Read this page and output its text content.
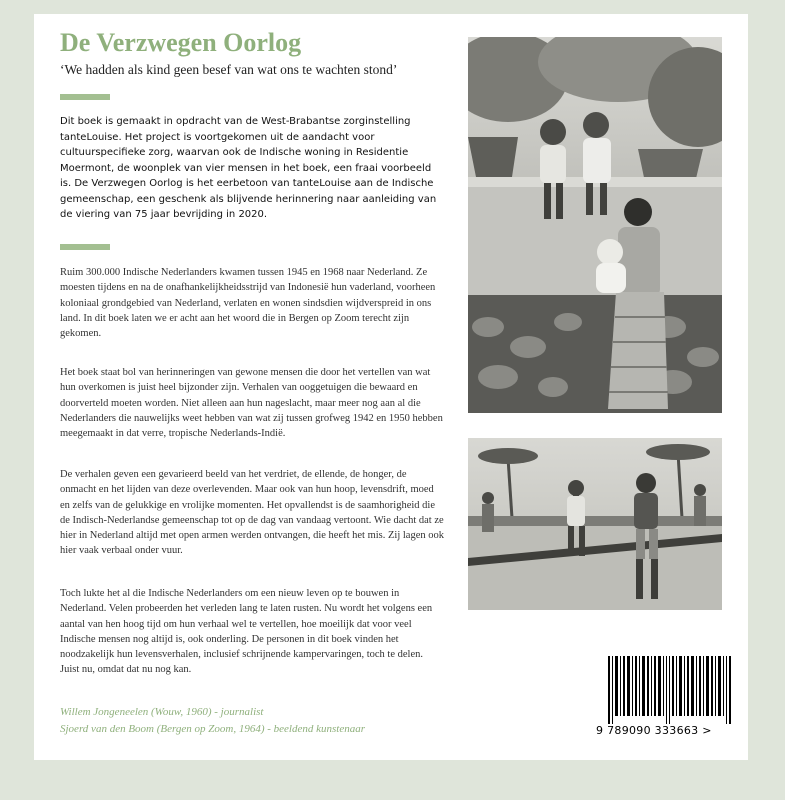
De Verzwegen Oorlog
‘We hadden als kind geen besef van wat ons te wachten stond’
Dit boek is gemaakt in opdracht van de West-Brabantse zorginstelling tanteLouise. Het project is voortgekomen uit de aandacht voor cultuurspecifieke zorg, waarvan ook de Indische woning in Residentie Moermont, de woonplek van vier mensen in het boek, een fraai voorbeeld is. De Verzwegen Oorlog is het eerbetoon van tanteLouise aan de Indische gemeenschap, een geschenk als blijvende herinnering naar aanleiding van de viering van 75 jaar bevrijding in 2020.
Ruim 300.000 Indische Nederlanders kwamen tussen 1945 en 1968 naar Nederland. Ze moesten tijdens en na de onafhankelijkheidsstrijd van Indonesië hun vaderland, voorheen koloniaal grondgebied van Nederland, verlaten en wonen sindsdien wijdverspreid in ons land. In dit boek laten we er acht aan het woord die in Bergen op Zoom terecht zijn gekomen.
Het boek staat bol van herinneringen van gewone mensen die door het vertellen van wat hun overkomen is juist heel bijzonder zijn. Verhalen van ooggetuigen die bewaard en doorverteld moeten worden. Niet alleen aan hun nageslacht, maar meer nog aan al die Nederlanders die nauwelijks weet hebben van wat zij tussen grofweg 1942 en 1950 hebben meegemaakt in dat verre, tropische Nederlands-Indië.
De verhalen geven een gevarieerd beeld van het verdriet, de ellende, de honger, de onmacht en het lijden van deze overlevenden. Maar ook van hun hoop, levensdrift, moed en zelfs van de gelukkige en vrolijke momenten. Het opvallendst is de saamhorigheid die de Indisch-Nederlandse gemeenschap tot op de dag van vandaag vertoont. Wie dacht dat ze hier in Nederland altijd met open armen werden ontvangen, die heeft het mis. Zij lagen ook hier vaak verbaal onder vuur.
Toch lukte het al die Indische Nederlanders om een nieuw leven op te bouwen in Nederland. Velen probeerden het verleden lang te laten rusten. Nu wordt het volgens een aantal van hen hoog tijd om hun verhaal wel te vertellen, hoe moeilijk dat voor veel Indische mensen nog altijd is, ook onderling. De personen in dit boek vinden het noodzakelijk hun levensverhalen, inclusief schrijnende kampervaringen, toch te delen. Juist nu, omdat dat nu nog kan.
Willem Jongeneelen (Wouw, 1960) - journalist
Sjoerd van den Boom (Bergen op Zoom, 1964) - beeldend kunstenaar	9 789090 333663 >
